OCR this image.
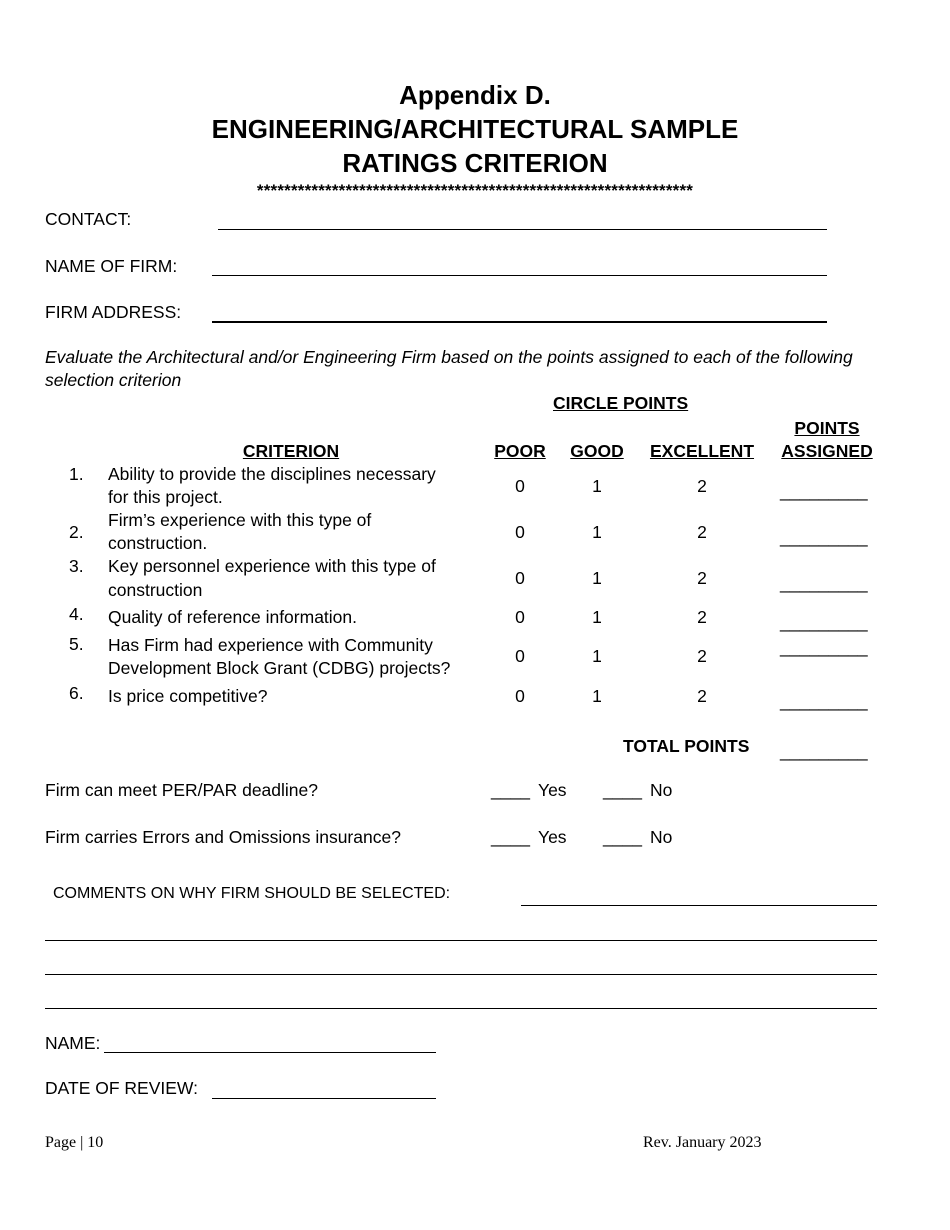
Appendix D.
ENGINEERING/ARCHITECTURAL SAMPLE
RATINGS CRITERION
****************************************************************
CONTACT:
NAME OF FIRM:
FIRM ADDRESS:
Evaluate the Architectural and/or Engineering Firm based on the points assigned to each of the following
selection criterion
CIRCLE POINTS
POINTS
ASSIGNED
CRITERION	POOR	GOOD	EXCELLENT
1. Ability to provide the disciplines necessary
for this project.
0	1	2	_________
2.
Firm’s experience with this type of
construction.
0	1	2	_________
3. Key personnel experience with this type of
construction
0	1	2	_________
4. Quality of reference information.	0	1	2	_________
5. Has Firm had experience with Community
Development Block Grant (CDBG) projects?
0	1	2	_________
6. Is price competitive?	0	1	2	_________
TOTAL POINTS _________
Firm can meet PER/PAR deadline?	____ Yes ____ No
Firm carries Errors and Omissions insurance?	____ Yes ____ No
COMMENTS ON WHY FIRM SHOULD BE SELECTED:
NAME:
DATE OF REVIEW:
Page | 10	Rev. January 2023
